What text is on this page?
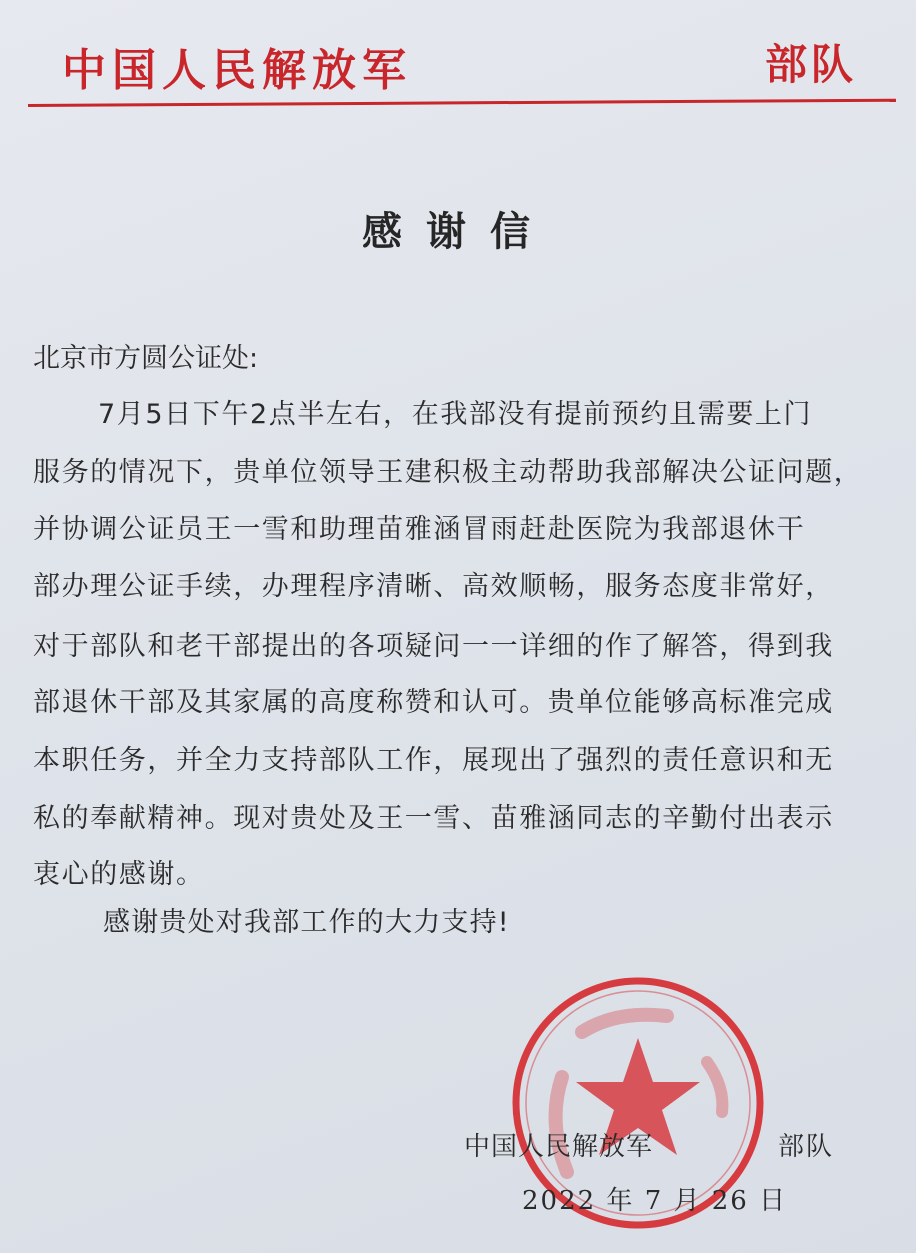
中国人民解放军	部队
感谢信
北京市方圆公证处:
7月5日下午2点半左右，在我部没有提前预约且需要上门
服务的情况下，贵单位领导王建积极主动帮助我部解决公证问题，
并协调公证员王一雪和助理苗雅涵冒雨赶赴医院为我部退休干
部办理公证手续，办理程序清晰、高效顺畅，服务态度非常好，
对于部队和老干部提出的各项疑问一一详细的作了解答，得到我
部退休干部及其家属的高度称赞和认可。贵单位能够高标准完成
本职任务，并全力支持部队工作，展现出了强烈的责任意识和无
私的奉献精神。现对贵处及王一雪、苗雅涵同志的辛勤付出表示
衷心的感谢。
感谢贵处对我部工作的大力支持!
中国人民解放军	部队
2022 年 7 月 26 日
